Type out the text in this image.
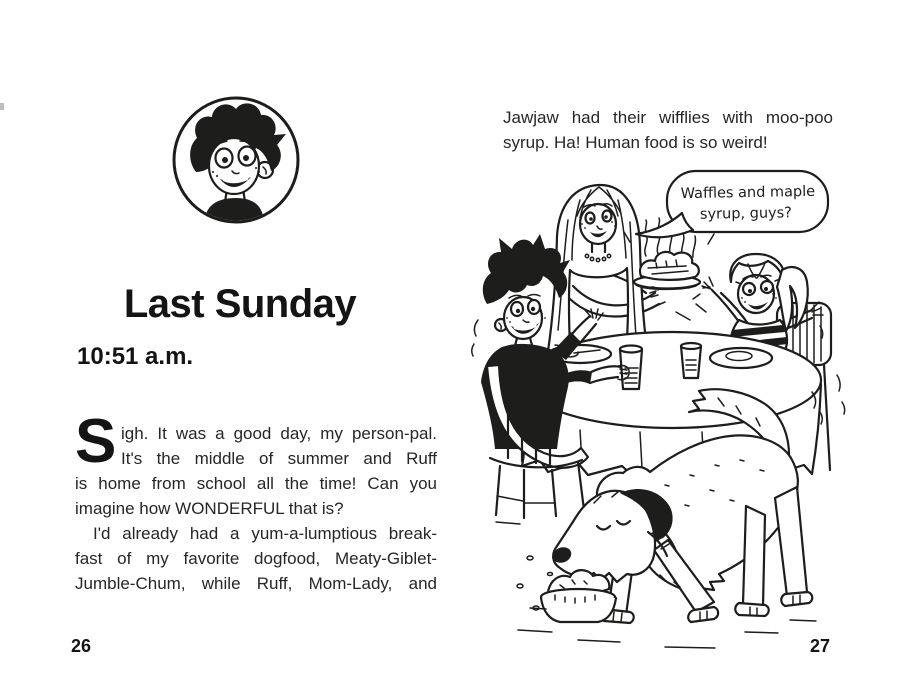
Last Sunday
10:51 a.m.
S igh. It was a good day, my person-pal.
It's the middle of summer and Ruff
is home from school all the time! Can you
imagine how WONDERFUL that is?
I'd already had a yum-a-lumptious break-
fast of my favorite dogfood, Meaty-Giblet-
Jumble-Chum, while Ruff, Mom-Lady, and
26
Jawjaw had their wifflies with moo-poo
syrup. Ha! Human food is so weird!
Waffles and maple
syrup, guys?
27
